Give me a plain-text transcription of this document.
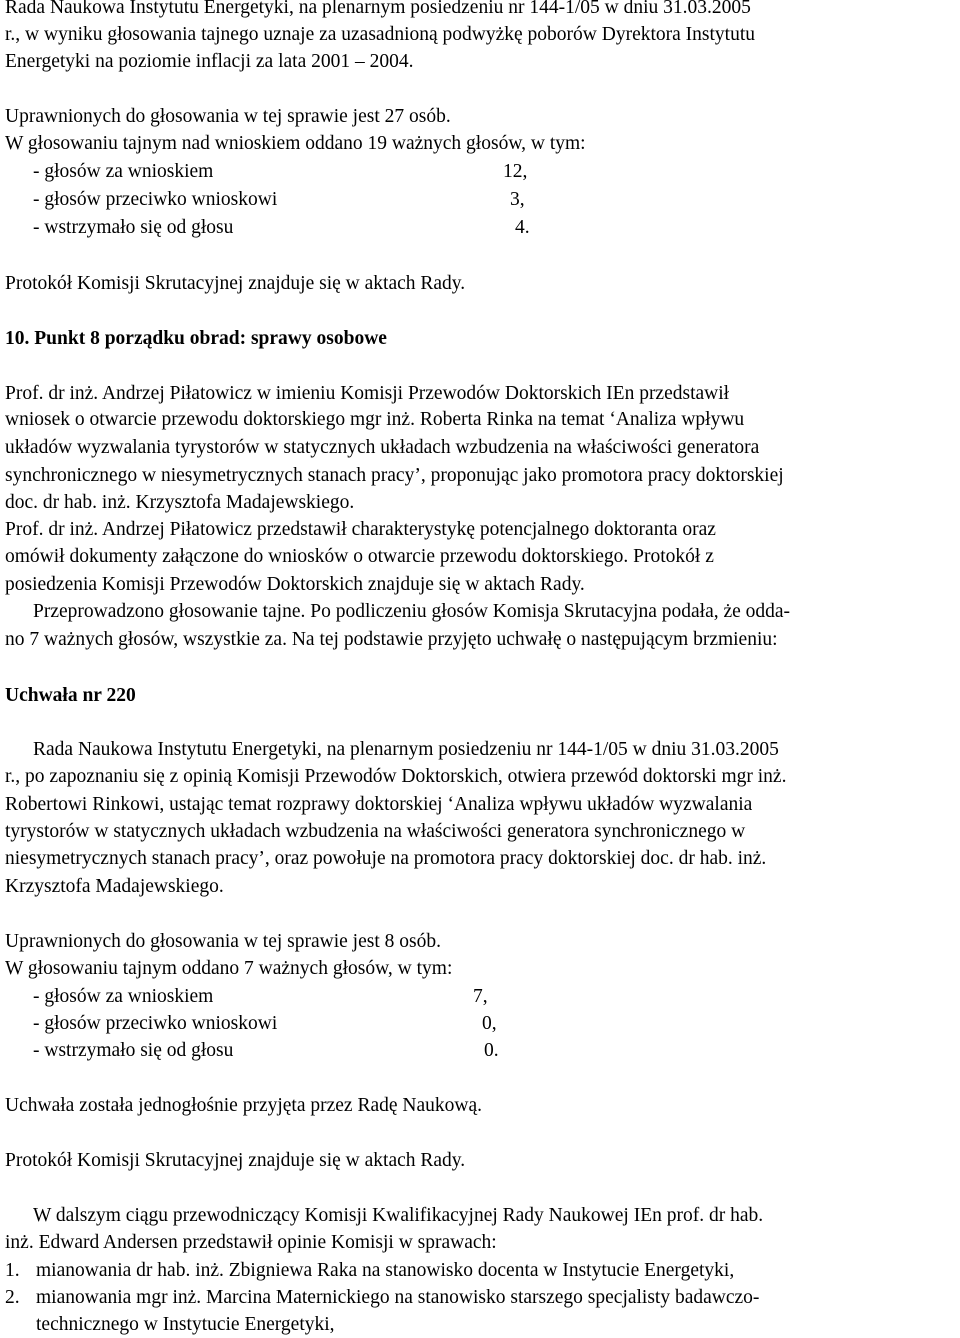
Rada Naukowa Instytutu Energetyki, na plenarnym posiedzeniu nr 144-1/05 w dniu 31.03.2005
r., w wyniku głosowania tajnego uznaje za uzasadnioną podwyżkę poborów Dyrektora Instytutu
Energetyki na poziomie inflacji za lata 2001 – 2004.
Uprawnionych do głosowania w tej sprawie jest 27 osób.
W głosowaniu tajnym nad wnioskiem oddano 19 ważnych głosów, w tym:
- głosów za wnioskiem	12,
- głosów przeciwko wnioskowi	3,
- wstrzymało się od głosu	4.
Protokół Komisji Skrutacyjnej znajduje się w aktach Rady.
10. Punkt 8 porządku obrad: sprawy osobowe
Prof. dr inż. Andrzej Piłatowicz w imieniu Komisji Przewodów Doktorskich IEn przedstawił
wniosek o otwarcie przewodu doktorskiego mgr inż. Roberta Rinka na temat ‘Analiza wpływu
układów wyzwalania tyrystorów w statycznych układach wzbudzenia na właściwości generatora
synchronicznego w niesymetrycznych stanach pracy’, proponując jako promotora pracy doktorskiej
doc. dr hab. inż. Krzysztofa Madajewskiego.
Prof. dr inż. Andrzej Piłatowicz przedstawił charakterystykę potencjalnego doktoranta oraz
omówił dokumenty załączone do wniosków o otwarcie przewodu doktorskiego. Protokół z
posiedzenia Komisji Przewodów Doktorskich znajduje się w aktach Rady.
Przeprowadzono głosowanie tajne. Po podliczeniu głosów Komisja Skrutacyjna podała, że odda-
no 7 ważnych głosów, wszystkie za. Na tej podstawie przyjęto uchwałę o następującym brzmieniu:
Uchwała nr 220
Rada Naukowa Instytutu Energetyki, na plenarnym posiedzeniu nr 144-1/05 w dniu 31.03.2005
r., po zapoznaniu się z opinią Komisji Przewodów Doktorskich, otwiera przewód doktorski mgr inż.
Robertowi Rinkowi, ustając temat rozprawy doktorskiej ‘Analiza wpływu układów wyzwalania
tyrystorów w statycznych układach wzbudzenia na właściwości generatora synchronicznego w
niesymetrycznych stanach pracy’, oraz powołuje na promotora pracy doktorskiej doc. dr hab. inż.
Krzysztofa Madajewskiego.
Uprawnionych do głosowania w tej sprawie jest 8 osób.
W głosowaniu tajnym oddano 7 ważnych głosów, w tym:
- głosów za wnioskiem	7,
- głosów przeciwko wnioskowi	0,
- wstrzymało się od głosu	0.
Uchwała została jednogłośnie przyjęta przez Radę Naukową.
Protokół Komisji Skrutacyjnej znajduje się w aktach Rady.
W dalszym ciągu przewodniczący Komisji Kwalifikacyjnej Rady Naukowej IEn prof. dr hab.
inż. Edward Andersen przedstawił opinie Komisji w sprawach:
1. mianowania dr hab. inż. Zbigniewa Raka na stanowisko docenta w Instytucie Energetyki,
2. mianowania mgr inż. Marcina Maternickiego na stanowisko starszego specjalisty badawczo-
technicznego w Instytucie Energetyki,
